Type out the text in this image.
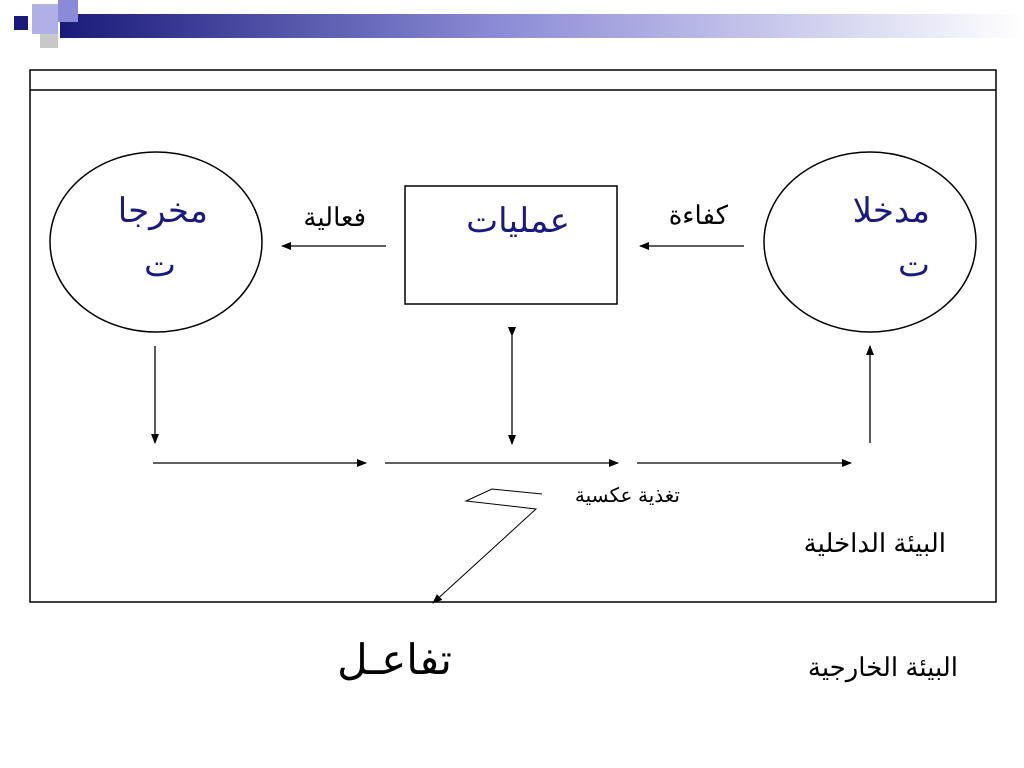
مدخلا
ت
مخرجا
ت
عمليات	كفاءة
فعالية
تغذية عكسية
البيئة الداخلية
البيئة الخارجية
تفاعـل
